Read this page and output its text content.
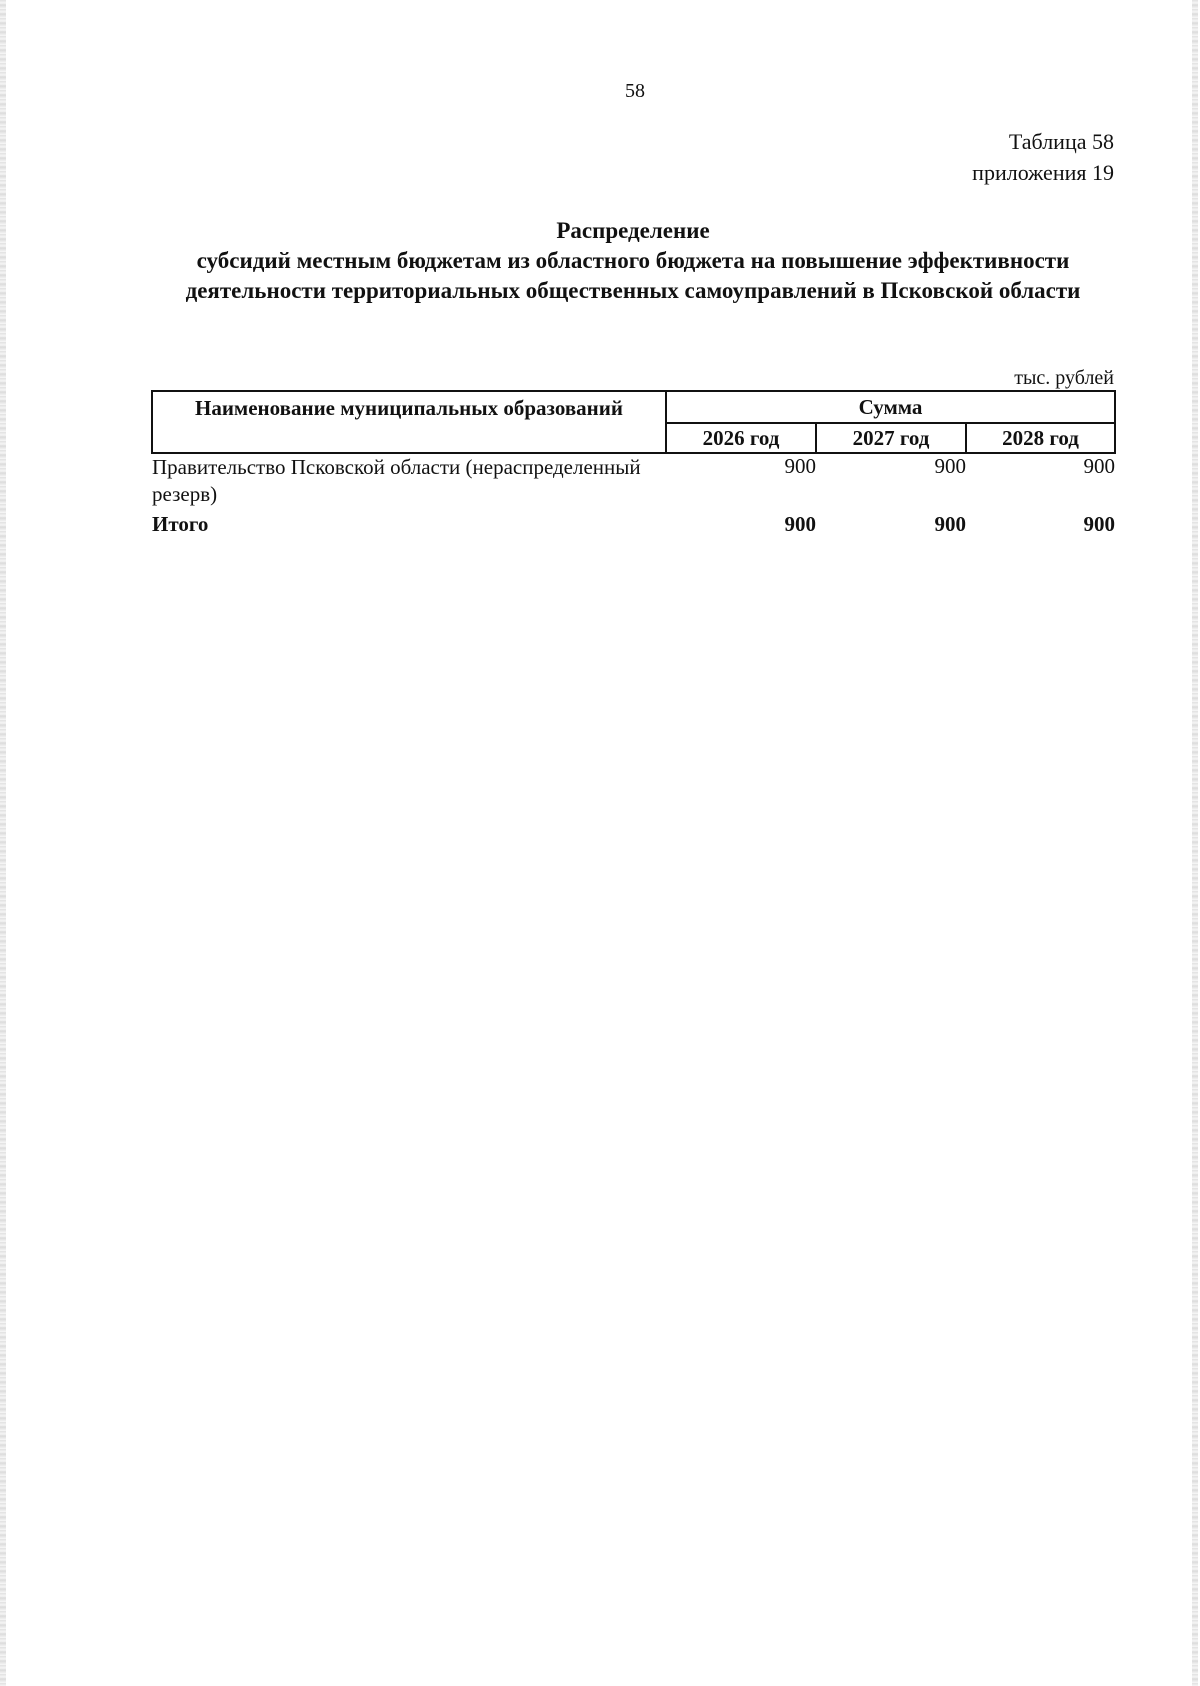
58
Таблица 58
приложения 19
Распределение
субсидий местным бюджетам из областного бюджета на повышение эффективности
деятельности территориальных общественных самоуправлений в Псковской области
тыс. рублей
Наименование муниципальных образований	Сумма		
	2026 год	2027 год	2028 год
Правительство Псковской области (нераспределенный резерв)	900	900	900
Итого	900	900	900
